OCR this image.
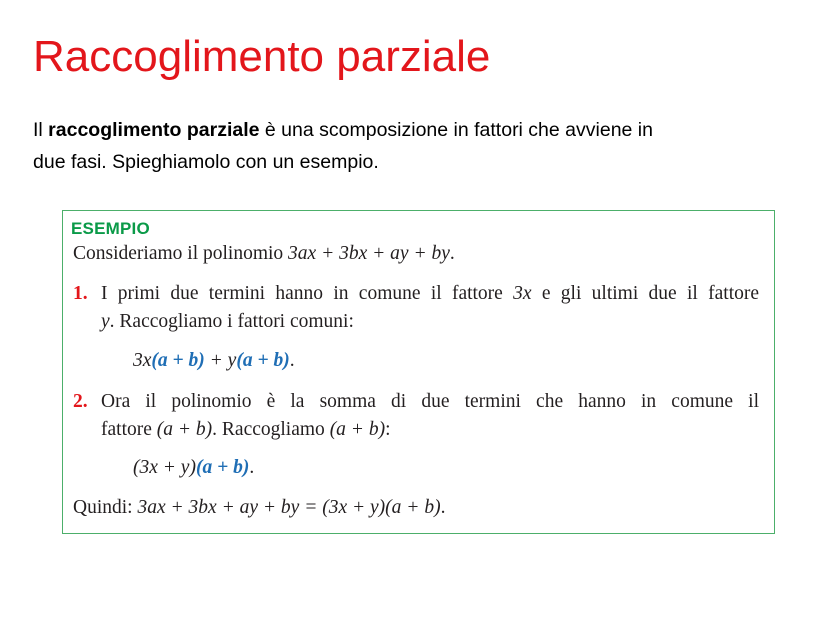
Raccoglimento parziale

Il raccoglimento parziale è una scomposizione in fattori che avviene in
due fasi. Spieghiamolo con un esempio.

ESEMPIO
Consideriamo il polinomio 3ax + 3bx + ay + by.
1. I primi due termini hanno in comune il fattore 3x e gli ultimi due il fattore
y. Raccogliamo i fattori comuni:
3x(a + b) + y(a + b).
2. Ora il polinomio è la somma di due termini che hanno in comune il
fattore (a + b). Raccogliamo (a + b):
(3x + y)(a + b).
Quindi: 3ax + 3bx + ay + by = (3x + y)(a + b).
